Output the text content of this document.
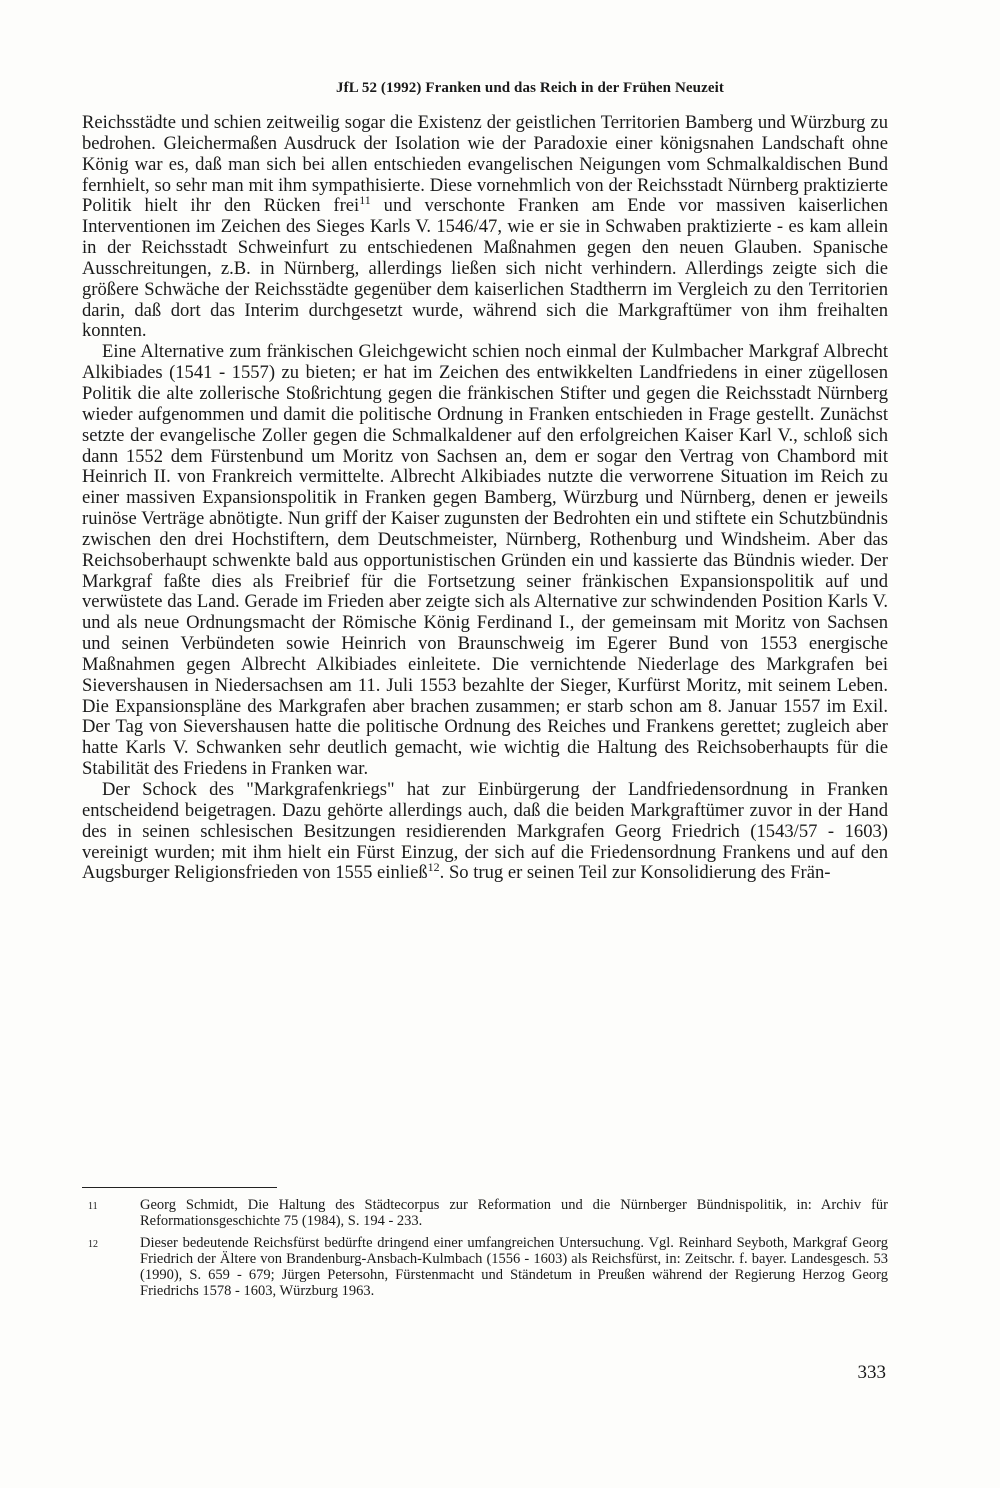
JfL 52 (1992) Franken und das Reich in der Frühen Neuzeit

Reichsstädte und schien zeitweilig sogar die Existenz der geistlichen Territorien Bamberg und Würzburg zu bedrohen. Gleichermaßen Ausdruck der Isolation wie der Paradoxie einer königsnahen Landschaft ohne König war es, daß man sich bei allen entschieden evangelischen Neigungen vom Schmalkaldischen Bund fernhielt, so sehr man mit ihm sympathisierte. Diese vornehmlich von der Reichsstadt Nürnberg praktizierte Politik hielt ihr den Rücken frei$^{11}$ und verschonte Franken am Ende vor massiven kaiserlichen Interventionen im Zeichen des Sieges Karls V. 1546/47, wie er sie in Schwaben praktizierte - es kam allein in der Reichsstadt Schweinfurt zu entschiedenen Maßnahmen gegen den neuen Glauben. Spanische Ausschreitungen, z.B. in Nürnberg, allerdings ließen sich nicht verhindern. Allerdings zeigte sich die größere Schwäche der Reichsstädte gegenüber dem kaiserlichen Stadtherrn im Vergleich zu den Territorien darin, daß dort das Interim durchgesetzt wurde, während sich die Markgraftümer von ihm freihalten konnten.

Eine Alternative zum fränkischen Gleichgewicht schien noch einmal der Kulmbacher Markgraf Albrecht Alkibiades (1541 - 1557) zu bieten; er hat im Zeichen des entwikkelten Landfriedens in einer zügellosen Politik die alte zollerische Stoßrichtung gegen die fränkischen Stifter und gegen die Reichsstadt Nürnberg wieder aufgenommen und damit die politische Ordnung in Franken entschieden in Frage gestellt. Zunächst setzte der evangelische Zoller gegen die Schmalkaldener auf den erfolgreichen Kaiser Karl V., schloß sich dann 1552 dem Fürstenbund um Moritz von Sachsen an, dem er sogar den Vertrag von Chambord mit Heinrich II. von Frankreich vermittelte. Albrecht Alkibiades nutzte die verworrene Situation im Reich zu einer massiven Expansionspolitik in Franken gegen Bamberg, Würzburg und Nürnberg, denen er jeweils ruinöse Verträge abnötigte. Nun griff der Kaiser zugunsten der Bedrohten ein und stiftete ein Schutzbündnis zwischen den drei Hochstiftern, dem Deutschmeister, Nürnberg, Rothenburg und Windsheim. Aber das Reichsoberhaupt schwenkte bald aus opportunistischen Gründen ein und kassierte das Bündnis wieder. Der Markgraf faßte dies als Freibrief für die Fortsetzung seiner fränkischen Expansionspolitik auf und verwüstete das Land. Gerade im Frieden aber zeigte sich als Alternative zur schwindenden Position Karls V. und als neue Ordnungsmacht der Römische König Ferdinand I., der gemeinsam mit Moritz von Sachsen und seinen Verbündeten sowie Heinrich von Braunschweig im Egerer Bund von 1553 energische Maßnahmen gegen Albrecht Alkibiades einleitete. Die vernichtende Niederlage des Markgrafen bei Sievershausen in Niedersachsen am 11. Juli 1553 bezahlte der Sieger, Kurfürst Moritz, mit seinem Leben. Die Expansionspläne des Markgrafen aber brachen zusammen; er starb schon am 8. Januar 1557 im Exil. Der Tag von Sievershausen hatte die politische Ordnung des Reiches und Frankens gerettet; zugleich aber hatte Karls V. Schwanken sehr deutlich gemacht, wie wichtig die Haltung des Reichsoberhaupts für die Stabilität des Friedens in Franken war.

Der Schock des "Markgrafenkriegs" hat zur Einbürgerung der Landfriedensordnung in Franken entscheidend beigetragen. Dazu gehörte allerdings auch, daß die beiden Markgraftümer zuvor in der Hand des in seinen schlesischen Besitzungen residierenden Markgrafen Georg Friedrich (1543/57 - 1603) vereinigt wurden; mit ihm hielt ein Fürst Einzug, der sich auf die Friedensordnung Frankens und auf den Augsburger Religionsfrieden von 1555 einließ$^{12}$. So trug er seinen Teil zur Konsolidierung des Frän-

11	Georg Schmidt, Die Haltung des Städtecorpus zur Reformation und die Nürnberger Bündnispolitik, in: Archiv für Reformationsgeschichte 75 (1984), S. 194 - 233.
12	Dieser bedeutende Reichsfürst bedürfte dringend einer umfangreichen Untersuchung. Vgl. Reinhard Seyboth, Markgraf Georg Friedrich der Ältere von Brandenburg-Ansbach-Kulmbach (1556 - 1603) als Reichsfürst, in: Zeitschr. f. bayer. Landesgesch. 53 (1990), S. 659 - 679; Jürgen Petersohn, Fürstenmacht und Ständetum in Preußen während der Regierung Herzog Georg Friedrichs 1578 - 1603, Würzburg 1963.
333
